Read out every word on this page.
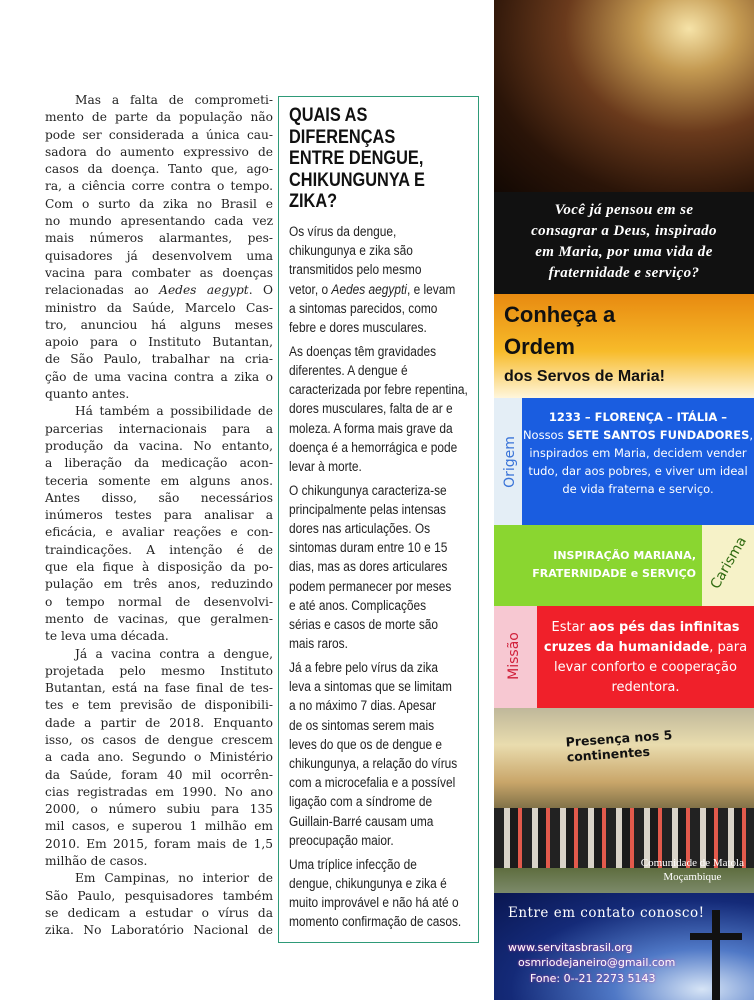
Mas a falta de comprometi-
mento de parte da população não
pode ser considerada a única cau-
sadora do aumento expressivo de
casos da doença. Tanto que, ago-
ra, a ciência corre contra o tempo.
Com o surto da zika no Brasil e
no mundo apresentando cada vez
mais números alarmantes, pes-
quisadores já desenvolvem uma
vacina para combater as doenças
relacionadas ao Aedes aegypt. O
ministro da Saúde, Marcelo Cas-
tro, anunciou há alguns meses
apoio para o Instituto Butantan,
de São Paulo, trabalhar na cria-
ção de uma vacina contra a zika o
quanto antes.
Há também a possibilidade de
parcerias internacionais para a
produção da vacina. No entanto,
a liberação da medicação acon-
teceria somente em alguns anos.
Antes disso, são necessários
inúmeros testes para analisar a
eficácia, e avaliar reações e con-
traindicações. A intenção é de
que ela fique à disposição da po-
pulação em três anos, reduzindo
o tempo normal de desenvolvi-
mento de vacinas, que geralmen-
te leva uma década.
Já a vacina contra a dengue,
projetada pelo mesmo Instituto
Butantan, está na fase final de tes-
tes e tem previsão de disponibili-
dade a partir de 2018. Enquanto
isso, os casos de dengue crescem
a cada ano. Segundo o Ministério
da Saúde, foram 40 mil ocorrên-
cias registradas em 1990. No ano
2000, o número subiu para 135
mil casos, e superou 1 milhão em
2010. Em 2015, foram mais de 1,5
milhão de casos.
Em Campinas, no interior de
São Paulo, pesquisadores também
se dedicam a estudar o vírus da
zika. No Laboratório Nacional de
QUAIS AS
DIFERENÇAS
ENTRE DENGUE,
CHIKUNGUNYA E
ZIKA?
Os vírus da dengue,
chikungunya e zika são
transmitidos pelo mesmo
vetor, o Aedes aegypti, e levam
a sintomas parecidos, como
febre e dores musculares.
As doenças têm gravidades
diferentes. A dengue é
caracterizada por febre repentina,
dores musculares, falta de ar e
moleza. A forma mais grave da
doença é a hemorrágica e pode
levar à morte.
O chikungunya caracteriza-se
principalmente pelas intensas
dores nas articulações. Os
sintomas duram entre 10 e 15
dias, mas as dores articulares
podem permanecer por meses
e até anos. Complicações
sérias e casos de morte são
mais raros.
Já a febre pelo vírus da zika
leva a sintomas que se limitam
a no máximo 7 dias. Apesar
de os sintomas serem mais
leves do que os de dengue e
chikungunya, a relação do vírus
com a microcefalia e a possível
ligação com a síndrome de
Guillain-Barré causam uma
preocupação maior.
Uma tríplice infecção de
dengue, chikungunya e zika é
muito improvável e não há até o
momento confirmação de casos.
Você já pensou em se
consagrar a Deus, inspirado
em Maria, por uma vida de
fraternidade e serviço?
Conheça a
Ordem
dos Servos de Maria!
Origem
1233 – FLORENÇA – ITÁLIA –
Nossos SETE SANTOS FUNDADORES, inspirados em Maria, decidem vender tudo, dar aos pobres, e viver um ideal de vida fraterna e serviço.
INSPIRAÇÃO MARIANA,
FRATERNIDADE e SERVIÇO Carisma
Missão
Estar aos pés das infinitas cruzes da humanidade, para levar conforto e cooperação redentora.
Presença nos 5 continentes
Comunidade de Matola
Moçambique
Entre em contato conosco!
www.servitasbrasil.org
osmriodejaneiro@gmail.com
Fone: 0--21 2273 5143
